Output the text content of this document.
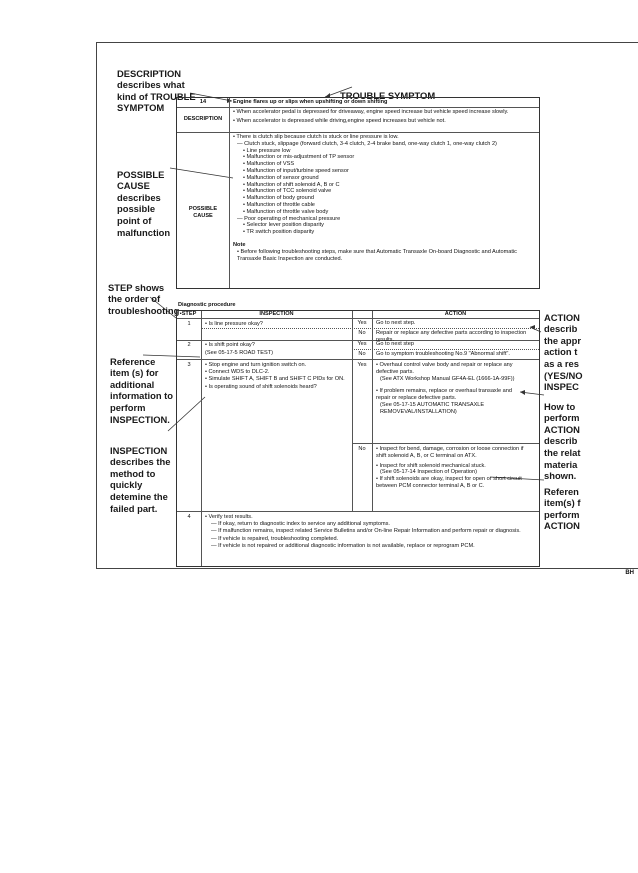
DESCRIPTION
describes what
kind of TROUBLE
SYMPTOM

TROUBLE SYMPTOM

POSSIBLE
CAUSE
describes
possible
point of
malfunction

STEP shows
the order of
troubleshooting.

Reference
item (s) for
additional
information to
perform
INSPECTION.

INSPECTION
describes the
method to
quickly
detemine the
failed part.

ACTION
describ
the appr
action t
as a res
(YES/NO
INSPEC

How to
perform
ACTION
describ
the relat
materia
shown.

Referen
item(s) f
perform
ACTION

14	Engine flares up or slips when upshifting or down shifting
DESCRIPTION
• When accelerator pedal is depressed for driveaway, engine speed increase but vehicle speed increase slowly.
• When accelerator is depressed while driving,engine speed increases but vehicle not.
POSSIBLE
CAUSE
• There is clutch slip because clutch is stuck or line pressure is low.
— Clutch stuck, slippage (forward clutch, 3-4 clutch, 2-4 brake band, one-way clutch 1, one-way clutch 2)
• Line pressure low
• Malfunction or mis-adjustment of TP sensor
• Malfunction of VSS
• Malfunction of input/turbine speed sensor
• Malfunction of sensor ground
• Malfunction of shift solenoid A, B or C
• Malfunction of TCC solenoid valve
• Malfunction of body ground
• Malfunction of throttle cable
• Malfunction of throttle valve body
— Poor operating of mechanical pressure
• Selector lever position disparity
• TR switch position disparity
Note
• Before following troubleshooting steps, make sure that Automatic Transaxle On-board Diagnostic and Automatic Transaxle Basic Inspection are conducted.
Diagnostic procedure
STEP	INSPECTION	ACTION
1	• Is line pressure okay?	Yes	Go to next step.
No	Repair or replace any defective parts according to inspection results.
2	• Is shift point okay?
(See 05-17-5 ROAD TEST)
Yes	Go to next step
No	Go to symptom troubleshooting No.9 "Abnormal shift".
3	• Stop engine and turn ignition switch on.
• Connect WDS to DLC-2.
• Simulate SHIFT A, SHIFT B and SHIFT C PIDs for ON.
• Is operating sound of shift solenoids heard?
Yes	• Overhaul control valve body and repair or replace any defective parts.
(See ATX Workshop Manual GF4A-EL (1666-1A-99F))
• If problem remains, replace or overhaul transaxle and repair or replace defective parts.
(See 05-17-15 AUTOMATIC TRANSAXLE REMOVEVAL/INSTALLATION)
No	• Inspect for bend, damage, corrosion or loose connection if shift solenoid A, B, or C terminal on ATX.
• Inspect for shift solenoid mechanical stuck.
(See 05-17-14 Inspection of Operation)
• If shift solenoids are okay, inspect for open or short circuit between PCM connector terminal A, B or C.
4	• Verify test results.
— If okay, return to diagnostic index to service any additional symptoms.
— If malfunction remains, inspect related Service Bulletins and/or On-line Repair Information and perform repair or diagnosis.
— If vehicle is repaired, troubleshooting completed.
— If vehicle is not repaired or additional diagnostic information is not available, replace or reprogram PCM.
BH
